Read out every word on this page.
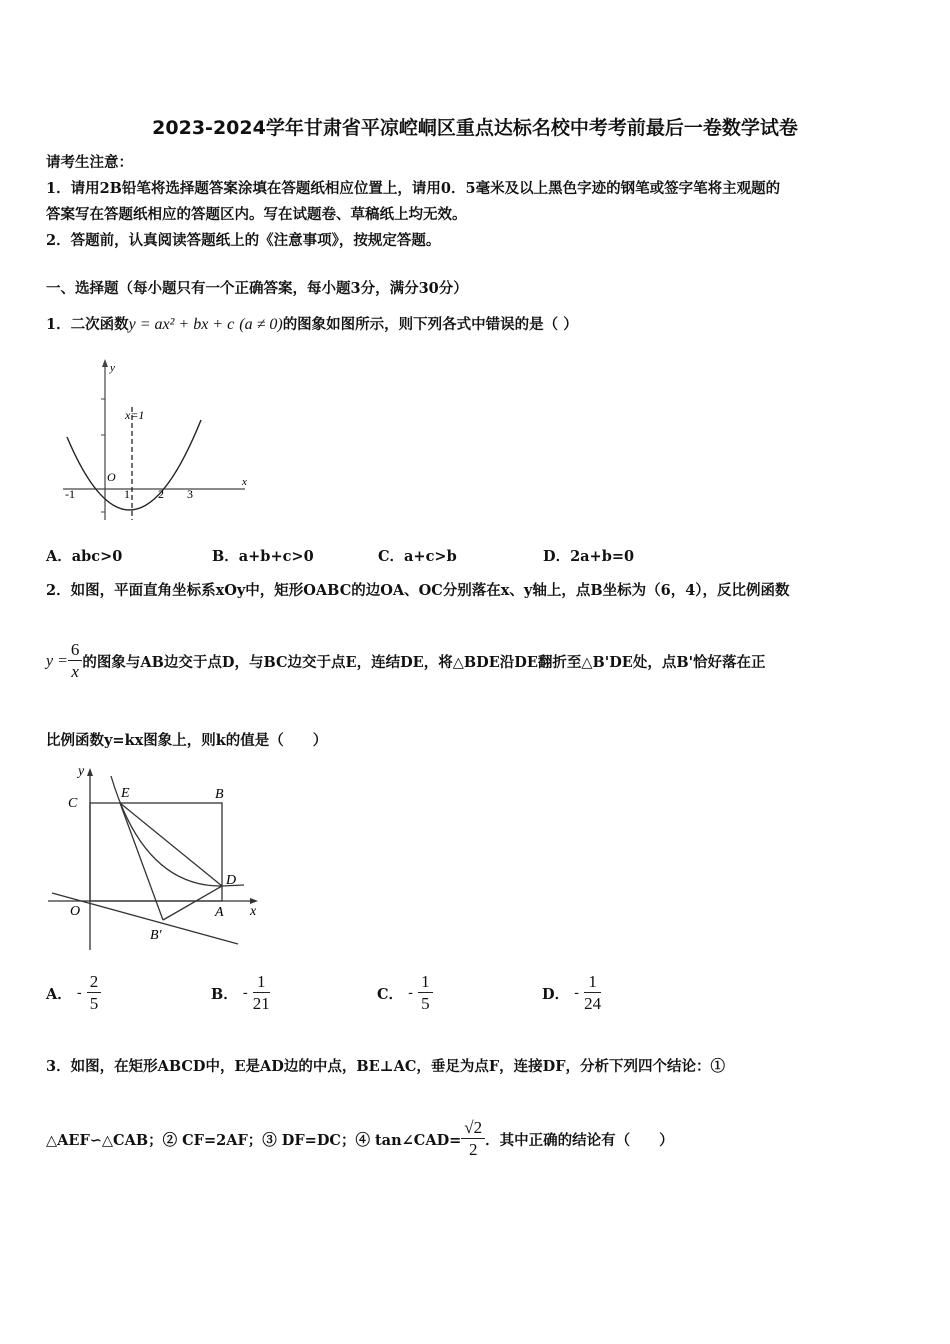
2023-2024学年甘肃省平凉崆峒区重点达标名校中考考前最后一卷数学试卷
请考生注意：
1．请用2B铅笔将选择题答案涂填在答题纸相应位置上，请用0．5毫米及以上黑色字迹的钢笔或签字笔将主观题的
答案写在答题纸相应的答题区内。写在试题卷、草稿纸上均无效。
2．答题前，认真阅读答题纸上的《注意事项》，按规定答题。
一、选择题（每小题只有一个正确答案，每小题3分，满分30分）
1．二次函数y = ax² + bx + c (a ≠ 0)的图象如图所示，则下列各式中错误的是（ ）
y
x
O
x=1
-1	1 2 3
A．abc>0	B．a+b+c>0	C．a+c>b	D．2a+b=0
2．如图，平面直角坐标系xOy中，矩形OABC的边OA、OC分别落在x、y轴上，点B坐标为（6，4），反比例函数
$y = \frac{6}{x}$ 的图象与AB边交于点D，与BC边交于点E，连结DE，将△BDE沿DE翻折至△B'DE处，点B'恰好落在正
比例函数y=kx图象上，则k的值是（　　）
y
x
C
E	B
D
O	A
B′
A． - $\frac{2}{5}$	B． - $\frac{1}{21}$	C． - $\frac{1}{5}$	D． - $\frac{1}{24}$
3．如图，在矩形ABCD中，E是AD边的中点，BE⊥AC，垂足为点F，连接DF，分析下列四个结论：①
△AEF∽△CAB；② CF=2AF；③ DF=DC；④ tan∠CAD= $\frac{√2}{2}$ ．其中正确的结论有（　　）
